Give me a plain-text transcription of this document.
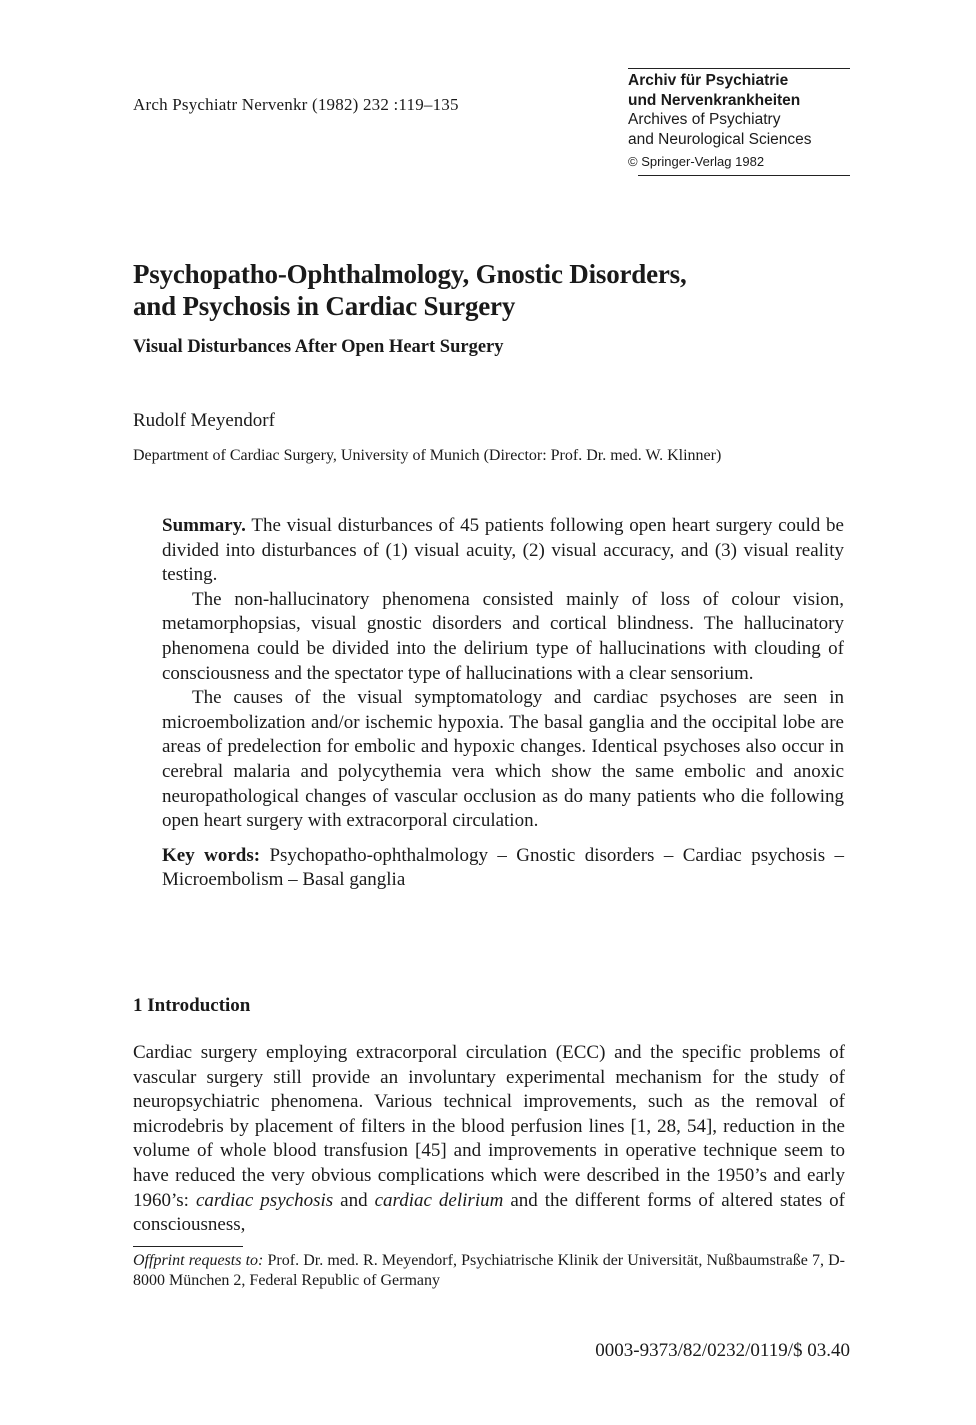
Arch Psychiatr Nervenkr (1982) 232 :119–135
Archiv für Psychiatrie
und Nervenkrankheiten
Archives of Psychiatry
and Neurological Sciences
© Springer-Verlag 1982
Psychopatho-Ophthalmology, Gnostic Disorders,
and Psychosis in Cardiac Surgery
Visual Disturbances After Open Heart Surgery
Rudolf Meyendorf
Department of Cardiac Surgery, University of Munich (Director: Prof. Dr. med. W. Klinner)

Summary. The visual disturbances of 45 patients following open heart surgery could be divided into disturbances of (1) visual acuity, (2) visual accuracy, and (3) visual reality testing.

The non-hallucinatory phenomena consisted mainly of loss of colour vision, metamorphopsias, visual gnostic disorders and cortical blindness. The hallucinatory phenomena could be divided into the delirium type of hallucinations with clouding of consciousness and the spectator type of hallucinations with a clear sensorium.

The causes of the visual symptomatology and cardiac psychoses are seen in microembolization and/or ischemic hypoxia. The basal ganglia and the occipital lobe are areas of predelection for embolic and hypoxic changes. Identical psychoses also occur in cerebral malaria and polycythemia vera which show the same embolic and anoxic neuropathological changes of vascular occlusion as do many patients who die following open heart surgery with extracorporal circulation.

Key words: Psychopatho-ophthalmology – Gnostic disorders – Cardiac psychosis – Microembolism – Basal ganglia

1 Introduction

Cardiac surgery employing extracorporal circulation (ECC) and the specific problems of vascular surgery still provide an involuntary experimental mechanism for the study of neuropsychiatric phenomena. Various technical improvements, such as the removal of microdebris by placement of filters in the blood perfusion lines [1, 28, 54], reduction in the volume of whole blood transfusion [45] and improvements in operative technique seem to have reduced the very obvious complications which were described in the 1950’s and early 1960’s: cardiac psychosis and cardiac delirium and the different forms of altered states of consciousness,

Offprint requests to: Prof. Dr. med. R. Meyendorf, Psychiatrische Klinik der Universität, Nußbaumstraße 7, D-8000 München 2, Federal Republic of Germany
0003-9373/82/0232/0119/$ 03.40
